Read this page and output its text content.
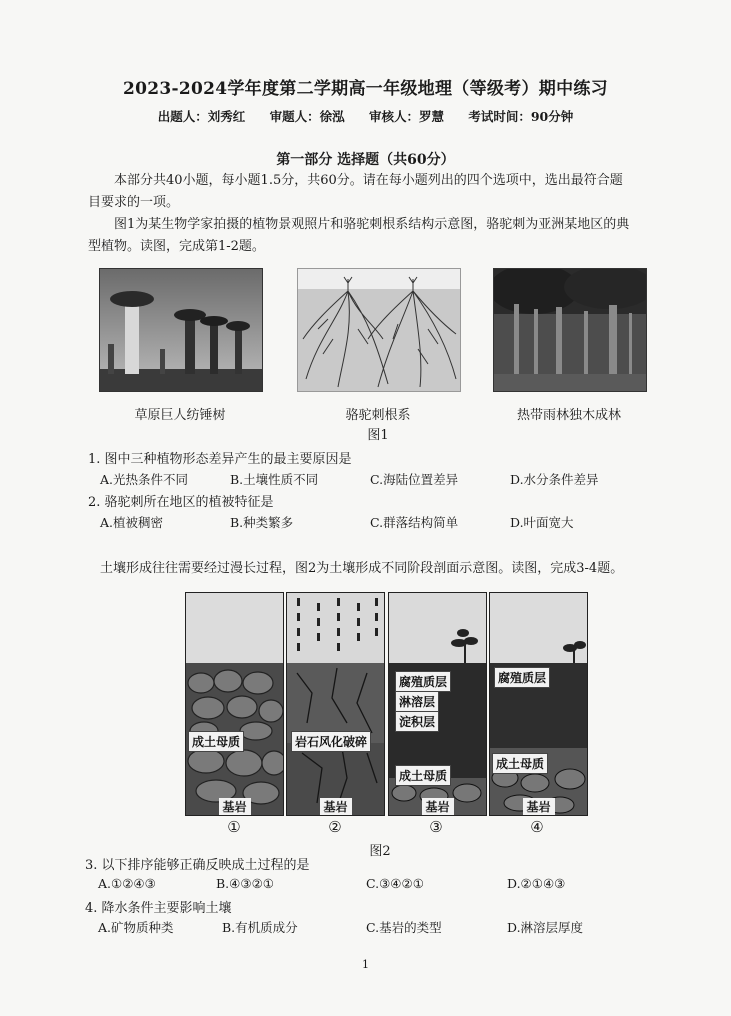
2023-2024学年度第二学期高一年级地理（等级考）期中练习
出题人：刘秀红 审题人：徐泓 审核人：罗慧 考试时间：90分钟
第一部分 选择题（共60分）
本部分共40小题，每小题1.5分，共60分。请在每小题列出的四个选项中，选出最符合题
目要求的一项。
图1为某生物学家拍摄的植物景观照片和骆驼刺根系结构示意图，骆驼刺为亚洲某地区的典
型植物。读图，完成第1-2题。
草原巨人纺锤树	骆驼刺根系	热带雨林独木成林
图1
1. 图中三种植物形态差异产生的最主要原因是
A.光热条件不同	B.土壤性质不同	C.海陆位置差异	D.水分条件差异
2. 骆驼刺所在地区的植被特征是
A.植被稠密	B.种类繁多	C.群落结构简单	D.叶面宽大
土壤形成往往需要经过漫长过程，图2为土壤形成不同阶段剖面示意图。读图，完成3-4题。
成土母质
基岩
岩石风化破碎
基岩
腐殖质层
淋溶层
淀积层
成土母质
基岩
腐殖质层
成土母质
基岩
①	②	③	④
图2
3. 以下排序能够正确反映成土过程的是
A.①②④③	B.④③②①	C.③④②①	D.②①④③
4. 降水条件主要影响土壤
A.矿物质种类	B.有机质成分	C.基岩的类型	D.淋溶层厚度
1
